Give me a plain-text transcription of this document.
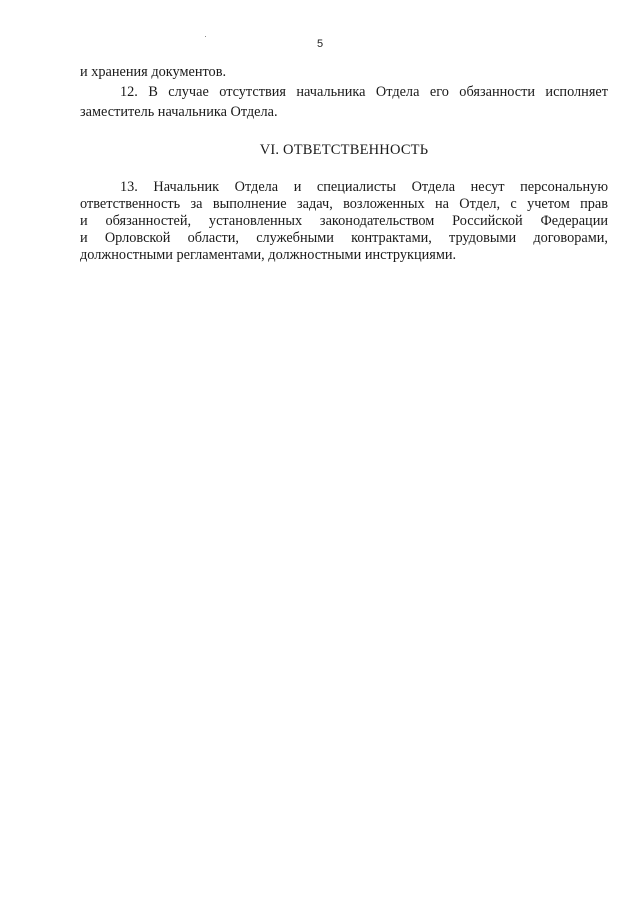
5
и хранения документов.
12. В случае отсутствия начальника Отдела его обязанности исполняет
заместитель начальника Отдела.
VI. ОТВЕТСТВЕННОСТЬ
13. Начальник Отдела и специалисты Отдела несут персональную
ответственность за выполнение задач, возложенных на Отдел, с учетом прав
и обязанностей, установленных законодательством Российской Федерации
и Орловской области, служебными контрактами, трудовыми договорами,
должностными регламентами, должностными инструкциями.
